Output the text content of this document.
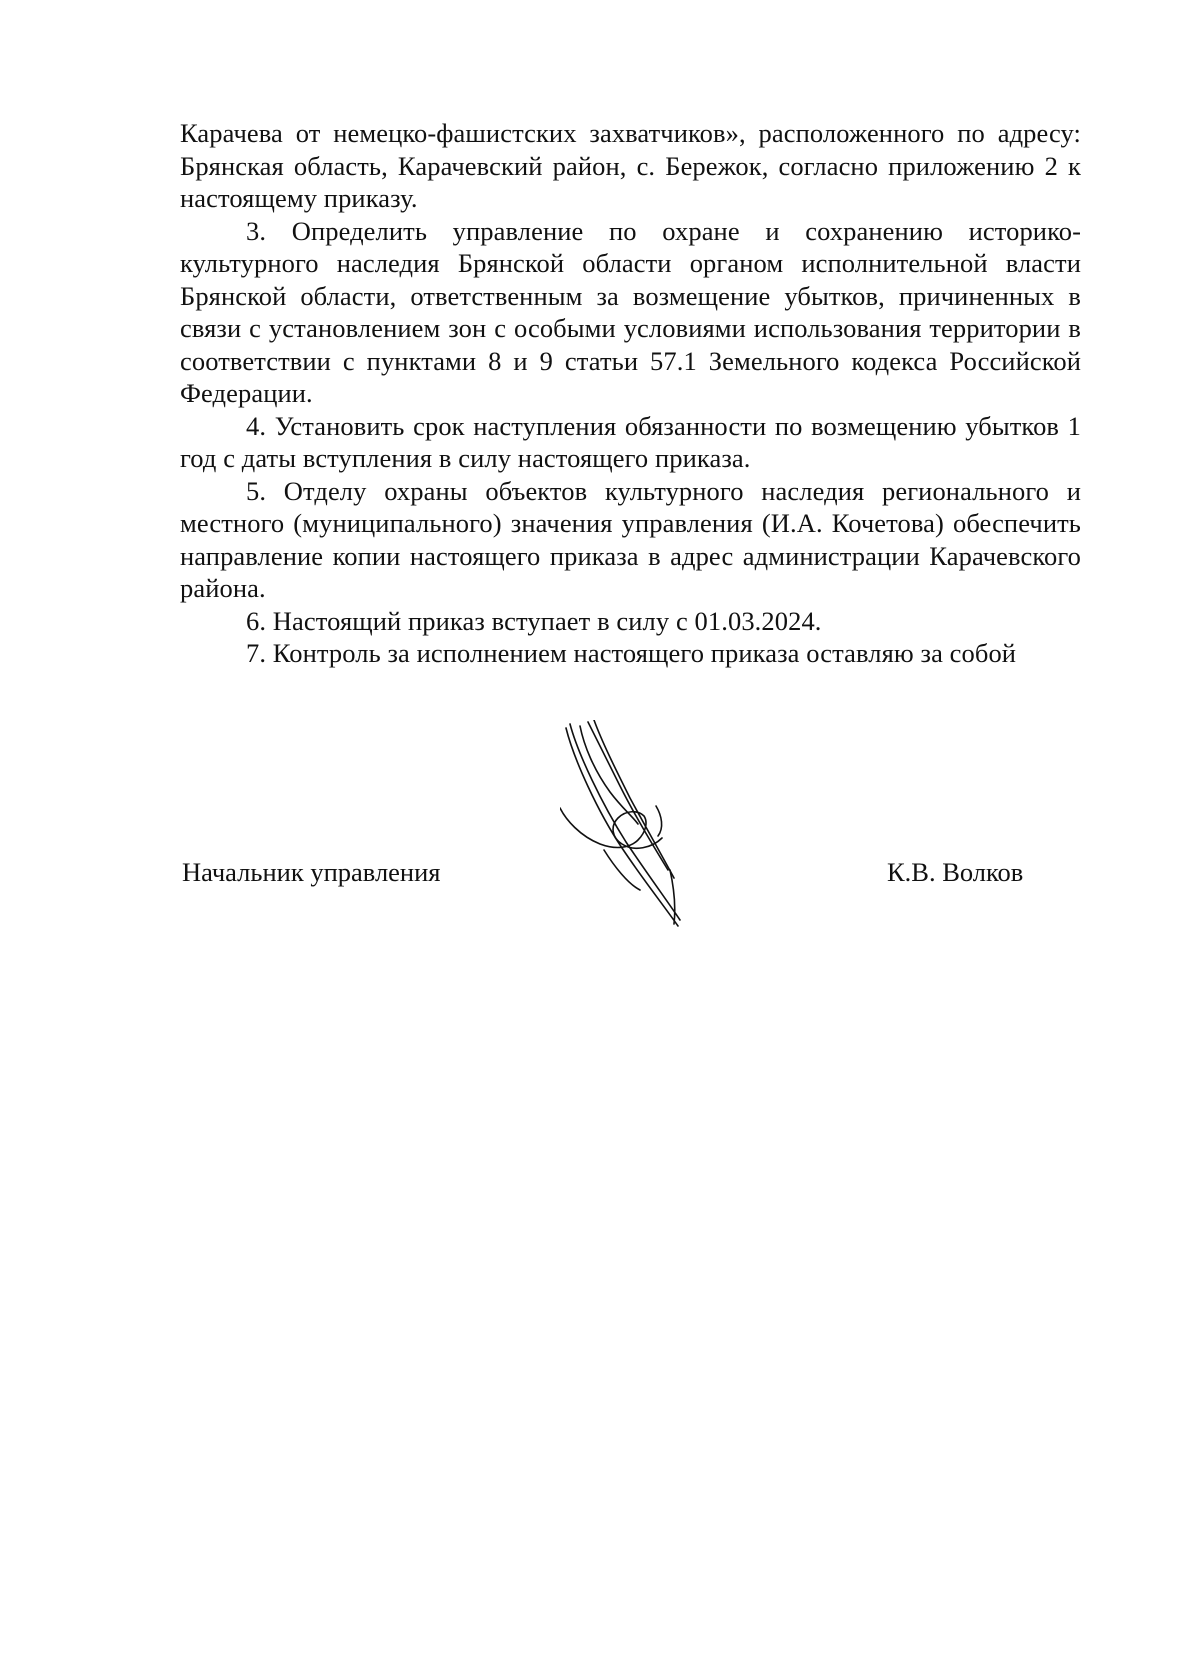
Карачева от немецко-фашистских захватчиков», расположенного по адресу: Брянская область, Карачевский район, с. Бережок, согласно приложению 2 к настоящему приказу.

3. Определить управление по охране и сохранению историко-культурного наследия Брянской области органом исполнительной власти Брянской области, ответственным за возмещение убытков, причиненных в связи с установлением зон с особыми условиями использования территории в соответствии с пунктами 8 и 9 статьи 57.1 Земельного кодекса Российской Федерации.

4. Установить срок наступления обязанности по возмещению убытков 1 год с даты вступления в силу настоящего приказа.

5. Отделу охраны объектов культурного наследия регионального и местного (муниципального) значения управления (И.А. Кочетова) обеспечить направление копии настоящего приказа в адрес администрации Карачевского района.

6. Настоящий приказ вступает в силу с 01.03.2024.

7. Контроль за исполнением настоящего приказа оставляю за собой

Начальник управления	К.В. Волков
